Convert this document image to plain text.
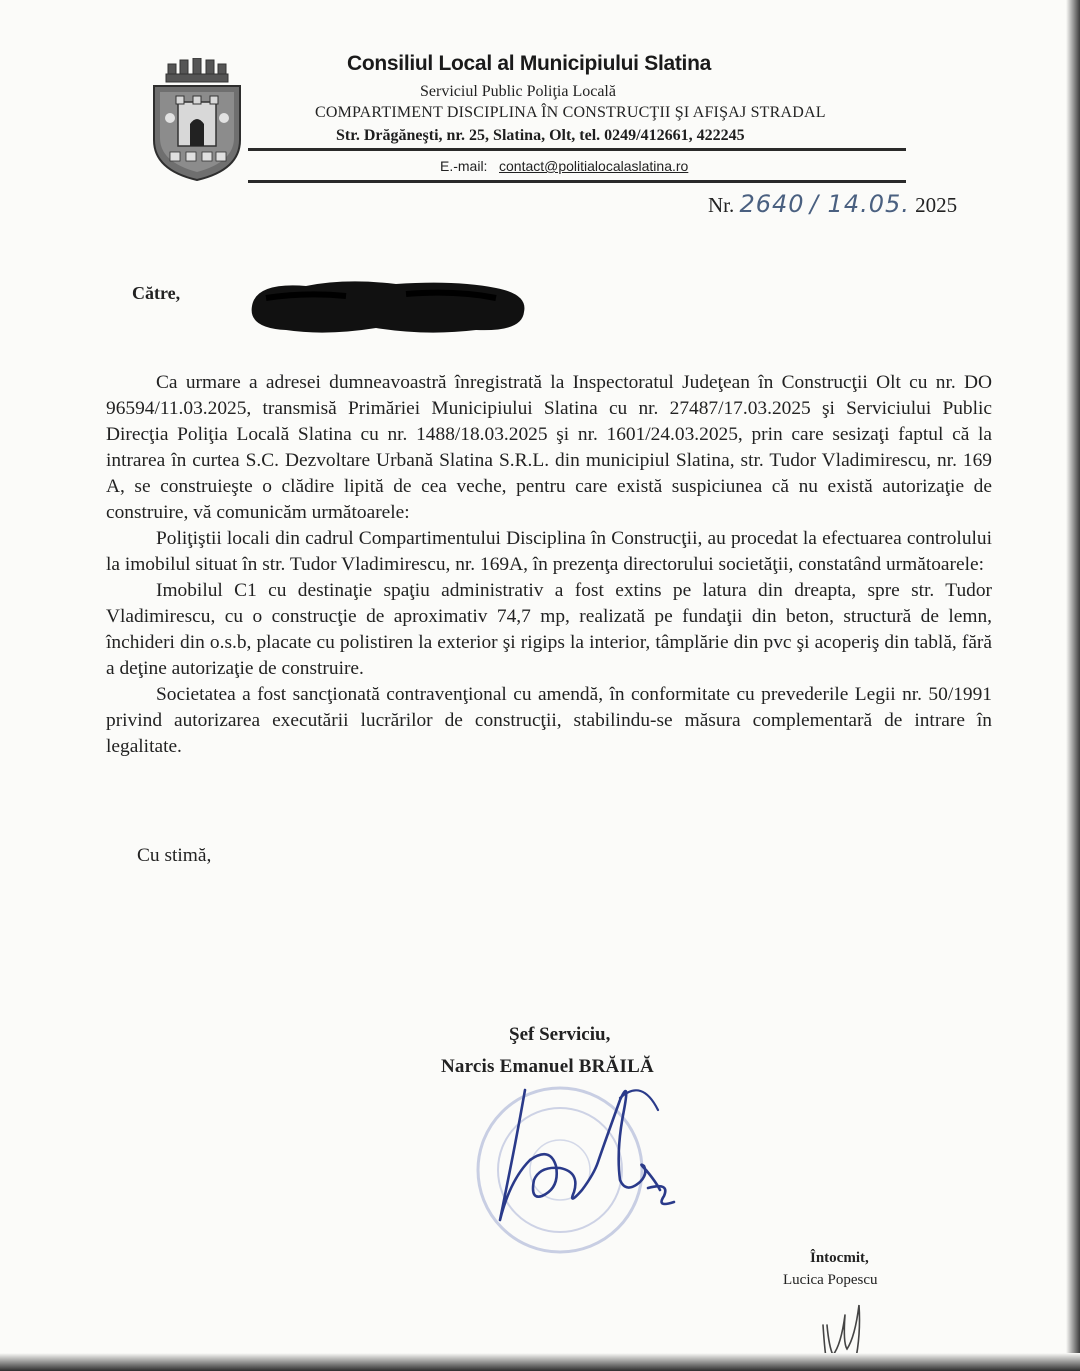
Consiliul Local al Municipiului Slatina
Serviciul Public Poliţia Locală
COMPARTIMENT DISCIPLINA ÎN CONSTRUCŢII ŞI AFIŞAJ STRADAL
Str. Drăgăneşti, nr. 25, Slatina, Olt, tel. 0249/412661, 422245
E.-mail: contact@politialocalaslatina.ro
Nr. 2640 / 14.05. 2025
Către,

Ca urmare a adresei dumneavoastră înregistrată la Inspectoratul Judeţean în Construcţii Olt cu nr. DO 96594/11.03.2025, transmisă Primăriei Municipiului Slatina cu nr. 27487/17.03.2025 şi Serviciului Public Direcţia Poliţia Locală Slatina cu nr. 1488/18.03.2025 şi nr. 1601/24.03.2025, prin care sesizaţi faptul că la intrarea în curtea S.C. Dezvoltare Urbană Slatina S.R.L. din municipiul Slatina, str. Tudor Vladimirescu, nr. 169 A, se construieşte o clădire lipită de cea veche, pentru care există suspiciunea că nu există autorizaţie de construire, vă comunicăm următoarele:

Poliţiştii locali din cadrul Compartimentului Disciplina în Construcţii, au procedat la efectuarea controlului la imobilul situat în str. Tudor Vladimirescu, nr. 169A, în prezenţa directorului societăţii, constatând următoarele:

Imobilul C1 cu destinaţie spaţiu administrativ a fost extins pe latura din dreapta, spre str. Tudor Vladimirescu, cu o construcţie de aproximativ 74,7 mp, realizată pe fundaţii din beton, structură de lemn, închideri din o.s.b, placate cu polistiren la exterior şi rigips la interior, tâmplărie din pvc şi acoperiş din tablă, fără a deţine autorizaţie de construire.

Societatea a fost sancţionată contravenţional cu amendă, în conformitate cu prevederile Legii nr. 50/1991 privind autorizarea executării lucrărilor de construcţii, stabilindu-se măsura complementară de intrare în legalitate.

Cu stimă,
Şef Serviciu,
Narcis Emanuel BRĂILĂ
Întocmit,
Lucica Popescu
